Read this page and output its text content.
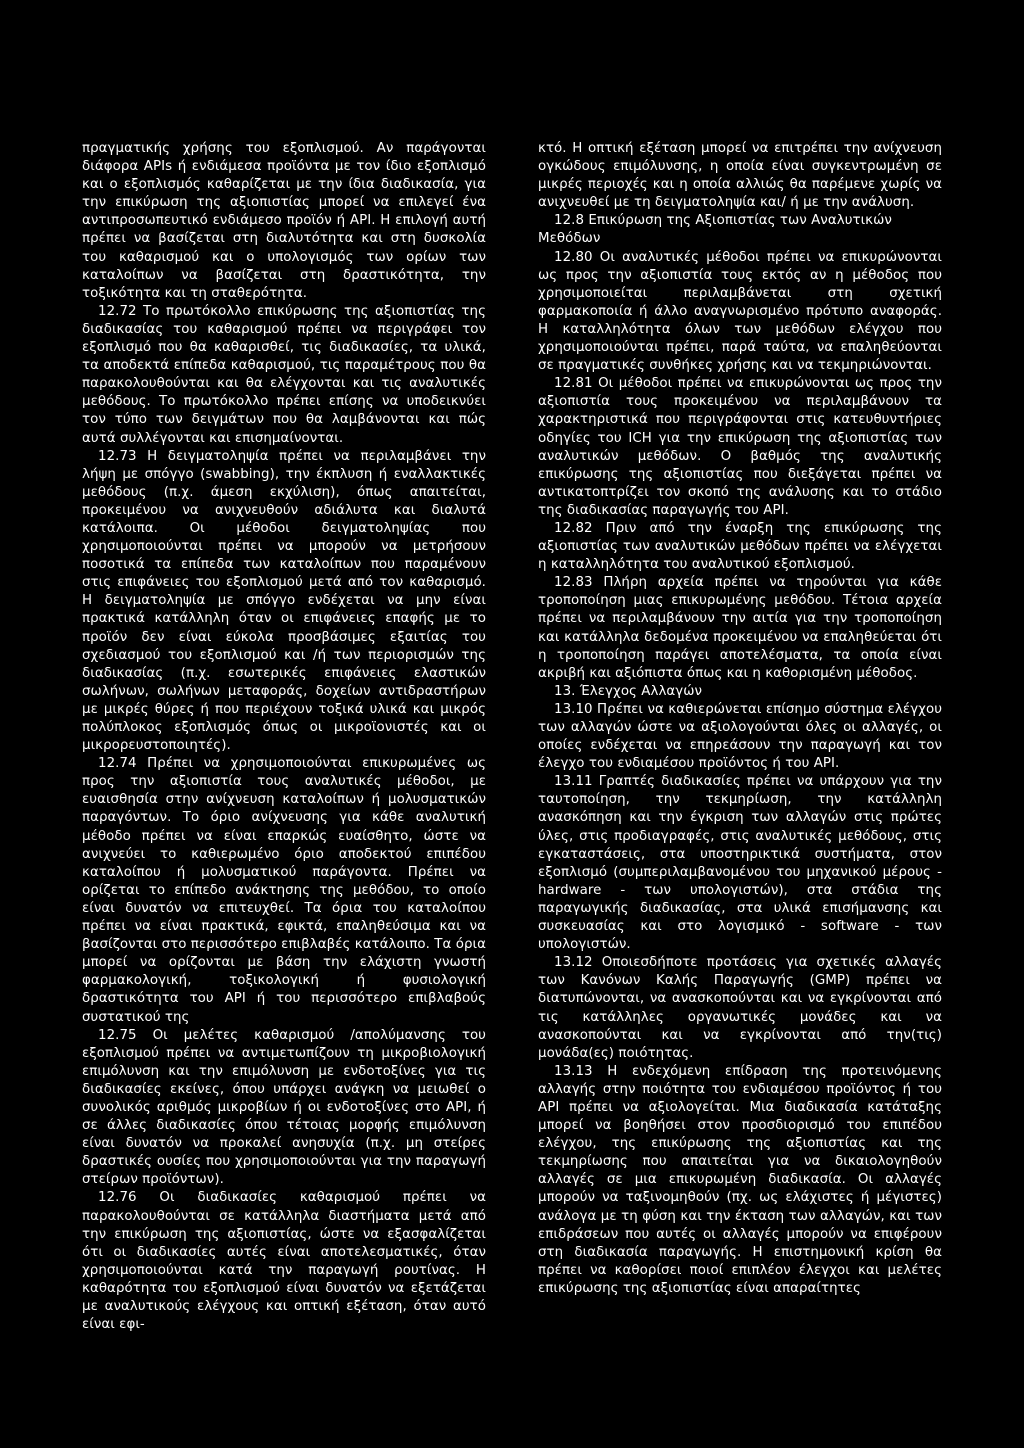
πραγματικής χρήσης του εξοπλισμού. Αν παράγονται διάφορα APIs ή ενδιάμεσα προϊόντα με τον ίδιο εξοπλισμό και ο εξοπλισμός καθαρίζεται με την ίδια διαδικασία, για την επικύρωση της αξιοπιστίας μπορεί να επιλεγεί ένα αντιπροσωπευτικό ενδιάμεσο προϊόν ή API. Η επιλογή αυτή πρέπει να βασίζεται στη διαλυτότητα και στη δυσκολία του καθαρισμού και ο υπολογισμός των ορίων των καταλοίπων να βασίζεται στη δραστικότητα, την τοξικότητα και τη σταθερότητα.

12.72 Το πρωτόκολλο επικύρωσης της αξιοπιστίας της διαδικασίας του καθαρισμού πρέπει να περιγράφει τον εξοπλισμό που θα καθαρισθεί, τις διαδικασίες, τα υλικά, τα αποδεκτά επίπεδα καθαρισμού, τις παραμέτρους που θα παρακολουθούνται και θα ελέγχονται και τις αναλυτικές μεθόδους. Το πρωτόκολλο πρέπει επίσης να υποδεικνύει τον τύπο των δειγμάτων που θα λαμβάνονται και πώς αυτά συλλέγονται και επισημαίνονται.

12.73 Η δειγματοληψία πρέπει να περιλαμβάνει την λήψη με σπόγγο (swabbing), την έκπλυση ή εναλλακτικές μεθόδους (π.χ. άμεση εκχύλιση), όπως απαιτείται, προκειμένου να ανιχνευθούν αδιάλυτα και διαλυτά κατάλοιπα. Οι μέθοδοι δειγματοληψίας που χρησιμοποιούνται πρέπει να μπορούν να μετρήσουν ποσοτικά τα επίπεδα των καταλοίπων που παραμένουν στις επιφάνειες του εξοπλισμού μετά από τον καθαρισμό. Η δειγματοληψία με σπόγγο ενδέχεται να μην είναι πρακτικά κατάλληλη όταν οι επιφάνειες επαφής με το προϊόν δεν είναι εύκολα προσβάσιμες εξαιτίας του σχεδιασμού του εξοπλισμού και /ή των περιορισμών της διαδικασίας (π.χ. εσωτερικές επιφάνειες ελαστικών σωλήνων, σωλήνων μεταφοράς, δοχείων αντιδραστήρων με μικρές θύρες ή που περιέχουν τοξικά υλικά και μικρός πολύπλοκος εξοπλισμός όπως οι μικροϊονιστές και οι μικρορευστοποιητές).

12.74 Πρέπει να χρησιμοποιούνται επικυρωμένες ως προς την αξιοπιστία τους αναλυτικές μέθοδοι, με ευαισθησία στην ανίχνευση καταλοίπων ή μολυσματικών παραγόντων. Το όριο ανίχνευσης για κάθε αναλυτική μέθοδο πρέπει να είναι επαρκώς ευαίσθητο, ώστε να ανιχνεύει το καθιερωμένο όριο αποδεκτού επιπέδου καταλοίπου ή μολυσματικού παράγοντα. Πρέπει να ορίζεται το επίπεδο ανάκτησης της μεθόδου, το οποίο είναι δυνατόν να επιτευχθεί. Τα όρια του καταλοίπου πρέπει να είναι πρακτικά, εφικτά, επαληθεύσιμα και να βασίζονται στο περισσότερο επιβλαβές κατάλοιπο. Τα όρια μπορεί να ορίζονται με βάση την ελάχιστη γνωστή φαρμακολογική, τοξικολογική ή φυσιολογική δραστικότητα του API ή του περισσότερο επιβλαβούς συστατικού της

12.75 Οι μελέτες καθαρισμού /απολύμανσης του εξοπλισμού πρέπει να αντιμετωπίζουν τη μικροβιολογική επιμόλυνση και την επιμόλυνση με ενδοτοξίνες για τις διαδικασίες εκείνες, όπου υπάρχει ανάγκη να μειωθεί ο συνολικός αριθμός μικροβίων ή οι ενδοτοξίνες στο API, ή σε άλλες διαδικασίες όπου τέτοιας μορφής επιμόλυνση είναι δυνατόν να προκαλεί ανησυχία (π.χ. μη στείρες δραστικές ουσίες που χρησιμοποιούνται για την παραγωγή στείρων προϊόντων).

12.76 Οι διαδικασίες καθαρισμού πρέπει να παρακολουθούνται σε κατάλληλα διαστήματα μετά από την επικύρωση της αξιοπιστίας, ώστε να εξασφαλίζεται ότι οι διαδικασίες αυτές είναι αποτελεσματικές, όταν χρησιμοποιούνται κατά την παραγωγή ρουτίνας. Η καθαρότητα του εξοπλισμού είναι δυνατόν να εξετάζεται με αναλυτικούς ελέγχους και οπτική εξέταση, όταν αυτό είναι εφι-

κτό. Η οπτική εξέταση μπορεί να επιτρέπει την ανίχνευση ογκώδους επιμόλυνσης, η οποία είναι συγκεντρωμένη σε μικρές περιοχές και η οποία αλλιώς θα παρέμενε χωρίς να ανιχνευθεί με τη δειγματοληψία και/ ή με την ανάλυση.

12.8 Επικύρωση της Αξιοπιστίας των Αναλυτικών Μεθόδων

12.80 Οι αναλυτικές μέθοδοι πρέπει να επικυρώνονται ως προς την αξιοπιστία τους εκτός αν η μέθοδος που χρησιμοποιείται περιλαμβάνεται στη σχετική φαρμακοποιία ή άλλο αναγνωρισμένο πρότυπο αναφοράς. Η καταλληλότητα όλων των μεθόδων ελέγχου που χρησιμοποιούνται πρέπει, παρά ταύτα, να επαληθεύονται σε πραγματικές συνθήκες χρήσης και να τεκμηριώνονται.

12.81 Οι μέθοδοι πρέπει να επικυρώνονται ως προς την αξιοπιστία τους προκειμένου να περιλαμβάνουν τα χαρακτηριστικά που περιγράφονται στις κατευθυντήριες οδηγίες του ICH για την επικύρωση της αξιοπιστίας των αναλυτικών μεθόδων. Ο βαθμός της αναλυτικής επικύρωσης της αξιοπιστίας που διεξάγεται πρέπει να αντικατοπτρίζει τον σκοπό της ανάλυσης και το στάδιο της διαδικασίας παραγωγής του API.

12.82 Πριν από την έναρξη της επικύρωσης της αξιοπιστίας των αναλυτικών μεθόδων πρέπει να ελέγχεται η καταλληλότητα του αναλυτικού εξοπλισμού.

12.83 Πλήρη αρχεία πρέπει να τηρούνται για κάθε τροποποίηση μιας επικυρωμένης μεθόδου. Τέτοια αρχεία πρέπει να περιλαμβάνουν την αιτία για την τροποποίηση και κατάλληλα δεδομένα προκειμένου να επαληθεύεται ότι η τροποποίηση παράγει αποτελέσματα, τα οποία είναι ακριβή και αξιόπιστα όπως και η καθορισμένη μέθοδος.

13. Έλεγχος Αλλαγών

13.10 Πρέπει να καθιερώνεται επίσημο σύστημα ελέγχου των αλλαγών ώστε να αξιολογούνται όλες οι αλλαγές, οι οποίες ενδέχεται να επηρεάσουν την παραγωγή και τον έλεγχο του ενδιαμέσου προϊόντος ή του API.

13.11 Γραπτές διαδικασίες πρέπει να υπάρχουν για την ταυτοποίηση, την τεκμηρίωση, την κατάλληλη ανασκόπηση και την έγκριση των αλλαγών στις πρώτες ύλες, στις προδιαγραφές, στις αναλυτικές μεθόδους, στις εγκαταστάσεις, στα υποστηρικτικά συστήματα, στον εξοπλισμό (συμπεριλαμβανομένου του μηχανικού μέρους - hardware - των υπολογιστών), στα στάδια της παραγωγικής διαδικασίας, στα υλικά επισήμανσης και συσκευασίας και στο λογισμικό - software - των υπολογιστών.

13.12 Οποιεσδήποτε προτάσεις για σχετικές αλλαγές των Κανόνων Καλής Παραγωγής (GMP) πρέπει να διατυπώνονται, να ανασκοπούνται και να εγκρίνονται από τις κατάλληλες οργανωτικές μονάδες και να ανασκοπούνται και να εγκρίνονται από την(τις) μονάδα(ες) ποιότητας.

13.13 Η ενδεχόμενη επίδραση της προτεινόμενης αλλαγής στην ποιότητα του ενδιαμέσου προϊόντος ή του API πρέπει να αξιολογείται. Μια διαδικασία κατάταξης μπορεί να βοηθήσει στον προσδιορισμό του επιπέδου ελέγχου, της επικύρωσης της αξιοπιστίας και της τεκμηρίωσης που απαιτείται για να δικαιολογηθούν αλλαγές σε μια επικυρωμένη διαδικασία. Οι αλλαγές μπορούν να ταξινομηθούν (πχ. ως ελάχιστες ή μέγιστες) ανάλογα με τη φύση και την έκταση των αλλαγών, και των επιδράσεων που αυτές οι αλλαγές μπορούν να επιφέρουν στη διαδικασία παραγωγής. Η επιστημονική κρίση θα πρέπει να καθορίσει ποιοί επιπλέον έλεγχοι και μελέτες επικύρωσης της αξιοπιστίας είναι απαραίτητες
